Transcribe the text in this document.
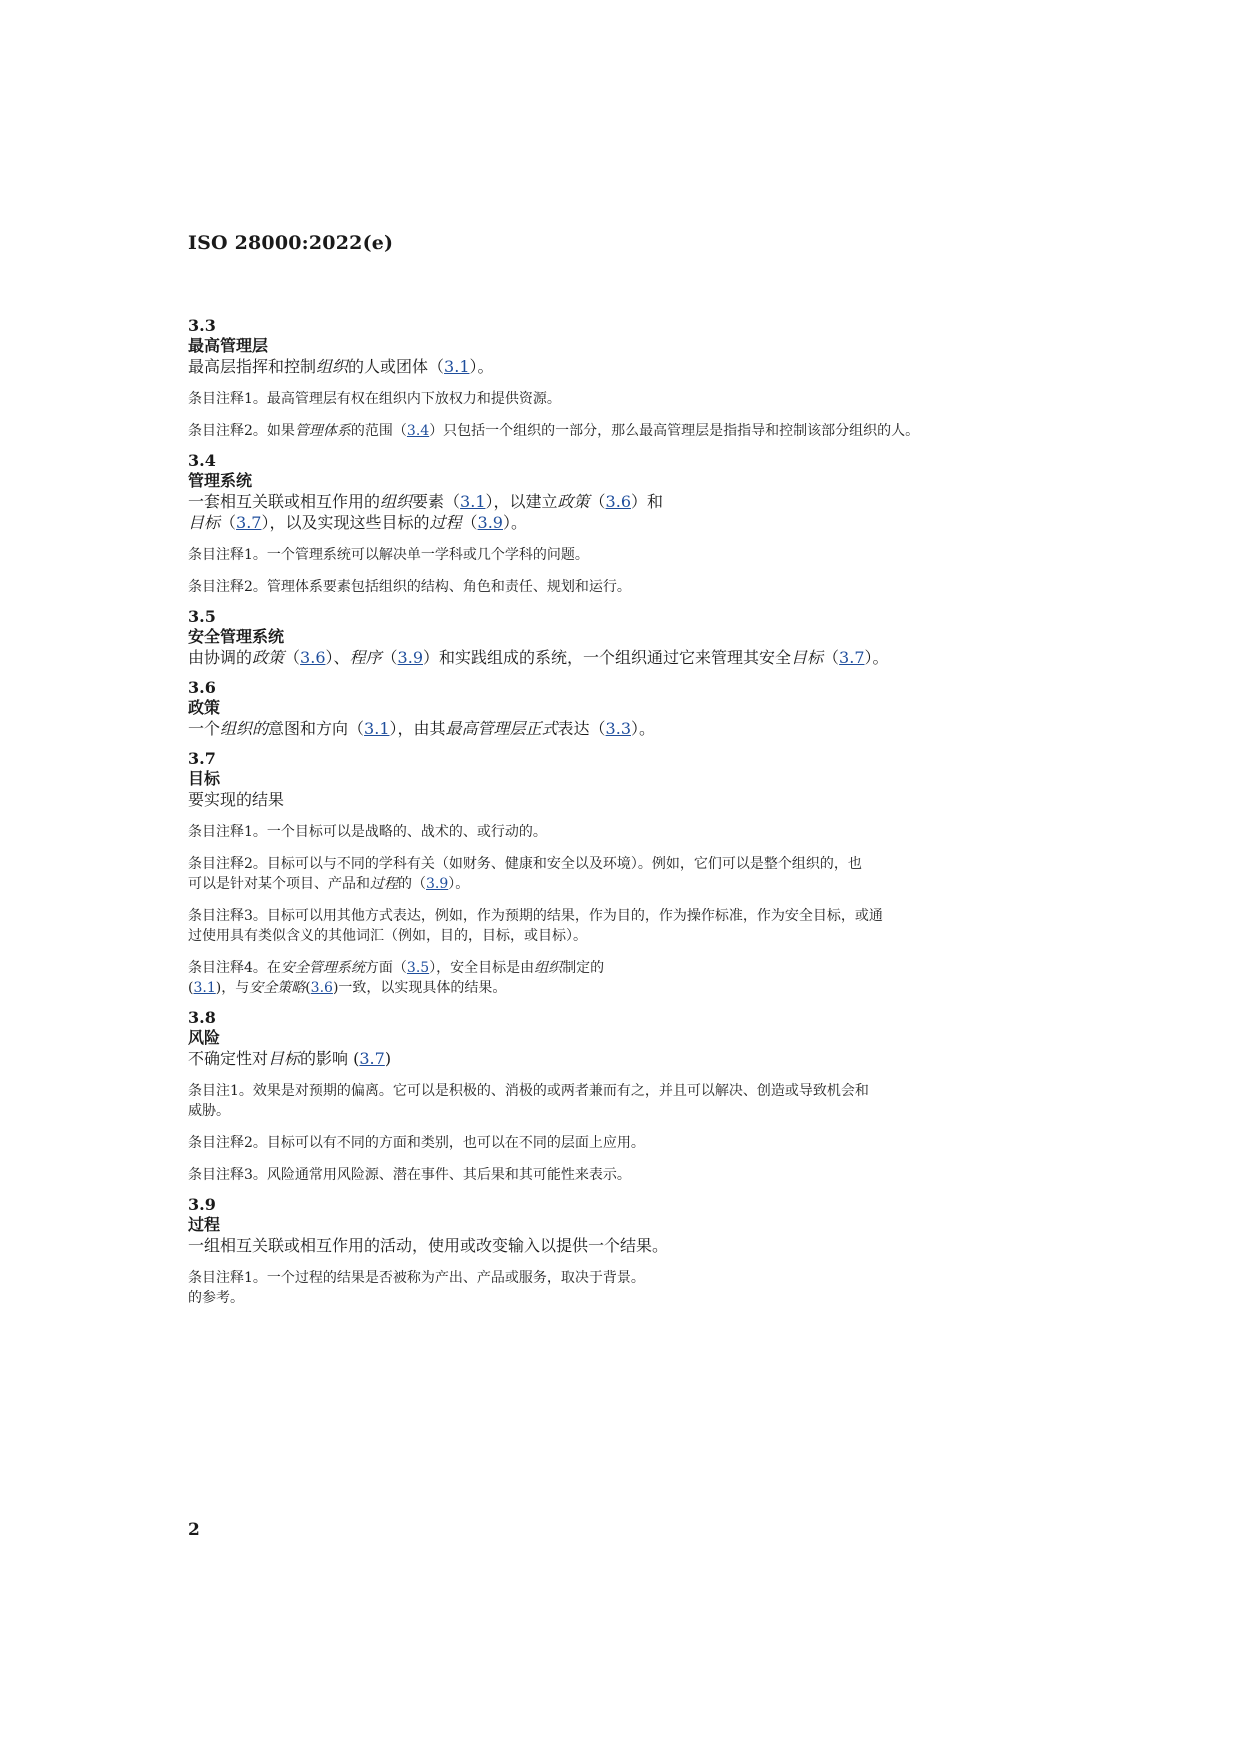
ISO 28000:2022(e)
3.3
最高管理层
最高层指挥和控制组织的人或团体（3.1）。
条目注释1。最高管理层有权在组织内下放权力和提供资源。
条目注释2。如果管理体系的范围（3.4）只包括一个组织的一部分，那么最高管理层是指指导和控制该部分组织的人。
3.4
管理系统
一套相互关联或相互作用的组织要素（3.1），以建立政策（3.6）和
目标（3.7），以及实现这些目标的过程（3.9）。
条目注释1。一个管理系统可以解决单一学科或几个学科的问题。
条目注释2。管理体系要素包括组织的结构、角色和责任、规划和运行。
3.5
安全管理系统
由协调的政策（3.6）、程序（3.9）和实践组成的系统，一个组织通过它来管理其安全目标（3.7）。
3.6
政策
一个组织的意图和方向（3.1），由其最高管理层正式表达（3.3）。
3.7
目标
要实现的结果
条目注释1。一个目标可以是战略的、战术的、或行动的。
条目注释2。目标可以与不同的学科有关（如财务、健康和安全以及环境）。例如，它们可以是整个组织的，也
可以是针对某个项目、产品和过程的（3.9）。
条目注释3。目标可以用其他方式表达，例如，作为预期的结果，作为目的，作为操作标准，作为安全目标，或通
过使用具有类似含义的其他词汇（例如，目的，目标，或目标）。
条目注释4。在安全管理系统方面（3.5），安全目标是由组织制定的
(3.1)，与安全策略(3.6)一致，以实现具体的结果。
3.8
风险
不确定性对目标的影响 (3.7)
条目注1。效果是对预期的偏离。它可以是积极的、消极的或两者兼而有之，并且可以解决、创造或导致机会和
威胁。
条目注释2。目标可以有不同的方面和类别，也可以在不同的层面上应用。
条目注释3。风险通常用风险源、潜在事件、其后果和其可能性来表示。
3.9
过程
一组相互关联或相互作用的活动，使用或改变输入以提供一个结果。
条目注释1。一个过程的结果是否被称为产出、产品或服务，取决于背景。
的参考。
2
